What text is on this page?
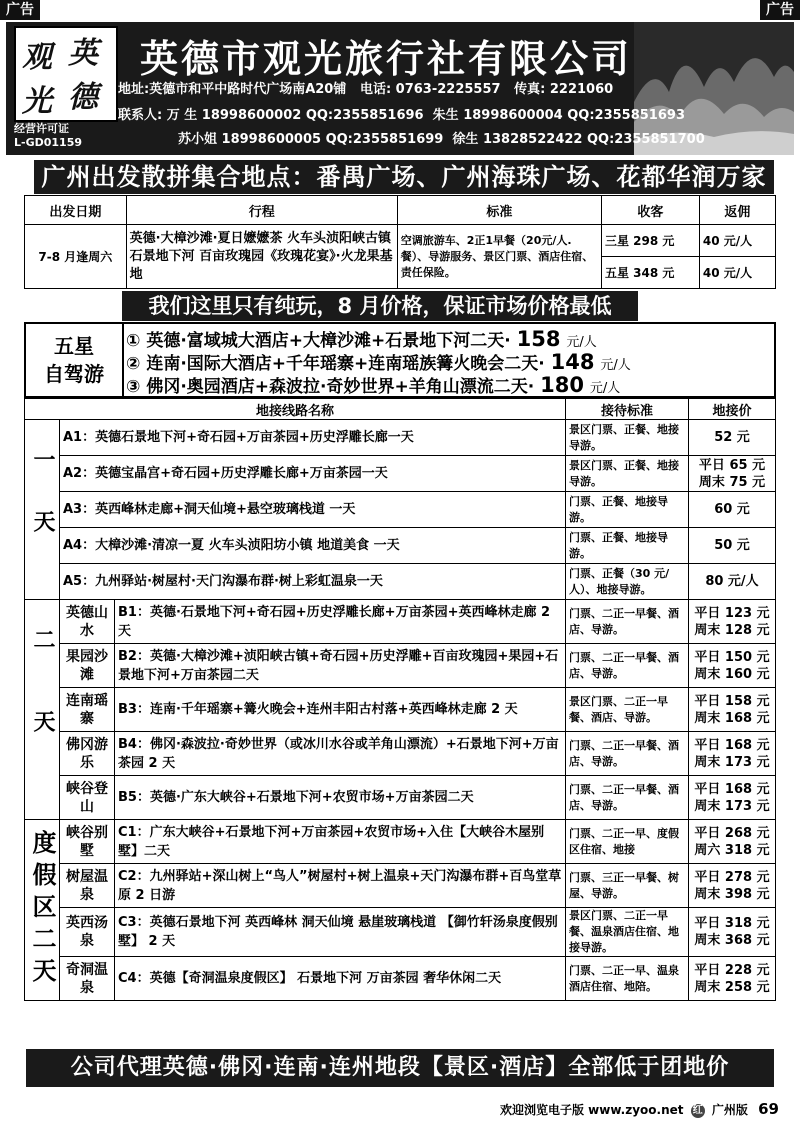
广告	广告
观 英
光 德
经营许可证
L-GD01159
英德市观光旅行社有限公司
地址:英德市和平中路时代广场南A20铺 电话: 0763-2225557 传真: 2221060
联系人: 万 生 18998600002 QQ:2355851696 朱生 18998600004 QQ:2355851693
苏小姐 18998600005 QQ:2355851699 徐生 13828522422 QQ:2355851700
广州出发散拼集合地点：番禺广场、广州海珠广场、花都华润万家
出发日期	行程	标准	收客	返佣
7-8 月逢周六	英德·大樟沙滩·夏日嬷嬷茶 火车头浈阳峡古镇 石景地下河 百亩玫瑰园《玫瑰花宴》·火龙果基地	空调旅游车、2正1早餐（20元/人.餐）、导游服务、景区门票、酒店住宿、责任保险。	三星 298 元	40 元/人
			五星 348 元	40 元/人
我们这里只有纯玩，8 月价格，保证市场价格最低
五星
自驾游
① 英德·富域城大酒店+大樟沙滩+石景地下河二天· 158 元/人
② 连南·国际大酒店+千年瑶寨+连南瑶族篝火晚会二天· 148 元/人
③ 佛冈·奥园酒店+森波拉·奇妙世界+羊角山漂流二天· 180 元/人
地接线路名称			接待标准	地接价
一天	A1：英德石景地下河+奇石园+万亩茶园+历史浮雕长廊一天		景区门票、正餐、地接导游。	52 元

	A2：英德宝晶宫+奇石园+历史浮雕长廊+万亩茶园一天		景区门票、正餐、地接导游。	平日 65 元
周末 75 元

	A3：英西峰林走廊+洞天仙境+悬空玻璃栈道 一天		门票、正餐、地接导游。	60 元

	A4：大樟沙滩·清凉一夏 火车头浈阳坊小镇 地道美食 一天		门票、正餐、地接导游。	50 元

	A5：九州驿站·树屋村·天门沟瀑布群·树上彩虹温泉一天		门票、正餐（30 元/人）、地接导游。	80 元/人

二天	英德山水	B1：英德·石景地下河+奇石园+历史浮雕长廊+万亩茶园+英西峰林走廊 2 天	门票、二正一早餐、酒店、导游。	平日 123 元
周末 128 元

	果园沙滩	B2：英德·大樟沙滩+浈阳峡古镇+奇石园+历史浮雕+百亩玫瑰园+果园+石景地下河+万亩茶园二天	门票、二正一早餐、酒店、导游。	平日 150 元
周末 160 元

	连南瑶寨	B3：连南·千年瑶寨+篝火晚会+连州丰阳古村落+英西峰林走廊 2 天	景区门票、二正一早餐、酒店、导游。	平日 158 元
周末 168 元

	佛冈游乐	B4：佛冈·森波拉·奇妙世界（或冰川水谷或羊角山漂流）+石景地下河+万亩茶园 2 天	门票、二正一早餐、酒店、导游。	平日 168 元
周末 173 元

	峡谷登山	B5：英德·广东大峡谷+石景地下河+农贸市场+万亩茶园二天	门票、二正一早餐、酒店、导游。	平日 168 元
周末 173 元

度假区二天	峡谷别墅	C1：广东大峡谷+石景地下河+万亩茶园+农贸市场+入住【大峡谷木屋别墅】二天	门票、二正一早、度假区住宿、地接	平日 268 元
周六 318 元

	树屋温泉	C2：九州驿站+深山树上“鸟人”树屋村+树上温泉+天门沟瀑布群+百鸟堂草原 2 日游	门票、三正一早餐、树屋、导游。	平日 278 元
周末 398 元

	英西汤泉	C3：英德石景地下河 英西峰林 洞天仙境 悬崖玻璃栈道 【御竹轩汤泉度假别墅】 2 天	景区门票、二正一早餐、温泉酒店住宿、地接导游。	平日 318 元
周末 368 元

	奇洞温泉	C4：英德【奇洞温泉度假区】 石景地下河 万亩茶园 奢华休闲二天	门票、二正一早、温泉酒店住宿、地陪。	平日 228 元
周末 258 元
公司代理英德·佛冈·连南·连州地段【景区·酒店】全部低于团地价
欢迎浏览电子版 www.zyoo.net 红 广州版 69
